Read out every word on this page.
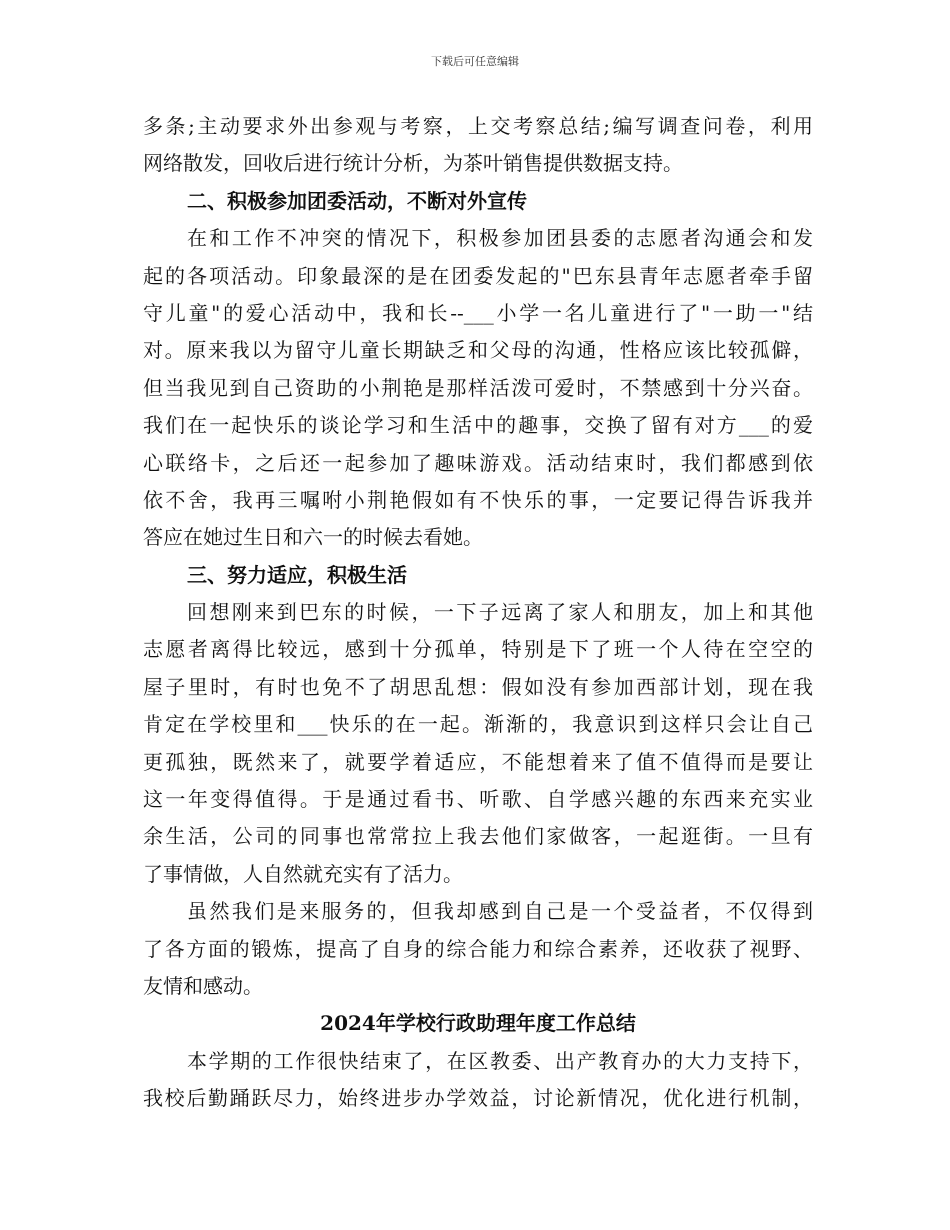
下载后可任意编辑
多条;主动要求外出参观与考察，上交考察总结;编写调查问卷，利用
网络散发，回收后进行统计分析，为茶叶销售提供数据支持。
二、积极参加团委活动，不断对外宣传
在和工作不冲突的情况下，积极参加团县委的志愿者沟通会和发
起的各项活动。印象最深的是在团委发起的"巴东县青年志愿者牵手留
守儿童"的爱心活动中，我和长--___小学一名儿童进行了"一助一"结
对。原来我以为留守儿童长期缺乏和父母的沟通，性格应该比较孤僻，
但当我见到自己资助的小荆艳是那样活泼可爱时，不禁感到十分兴奋。
我们在一起快乐的谈论学习和生活中的趣事，交换了留有对方___的爱
心联络卡，之后还一起参加了趣味游戏。活动结束时，我们都感到依
依不舍，我再三嘱咐小荆艳假如有不快乐的事，一定要记得告诉我并
答应在她过生日和六一的时候去看她。
三、努力适应，积极生活
回想刚来到巴东的时候，一下子远离了家人和朋友，加上和其他
志愿者离得比较远，感到十分孤单，特别是下了班一个人待在空空的
屋子里时，有时也免不了胡思乱想：假如没有参加西部计划，现在我
肯定在学校里和___快乐的在一起。渐渐的，我意识到这样只会让自己
更孤独，既然来了，就要学着适应，不能想着来了值不值得而是要让
这一年变得值得。于是通过看书、听歌、自学感兴趣的东西来充实业
余生活，公司的同事也常常拉上我去他们家做客，一起逛街。一旦有
了事情做，人自然就充实有了活力。
虽然我们是来服务的，但我却感到自己是一个受益者，不仅得到
了各方面的锻炼，提高了自身的综合能力和综合素养，还收获了视野、
友情和感动。
2024年学校行政助理年度工作总结
本学期的工作很快结束了，在区教委、出产教育办的大力支持下，
我校后勤踊跃尽力，始终进步办学效益，讨论新情况，优化进行机制，
